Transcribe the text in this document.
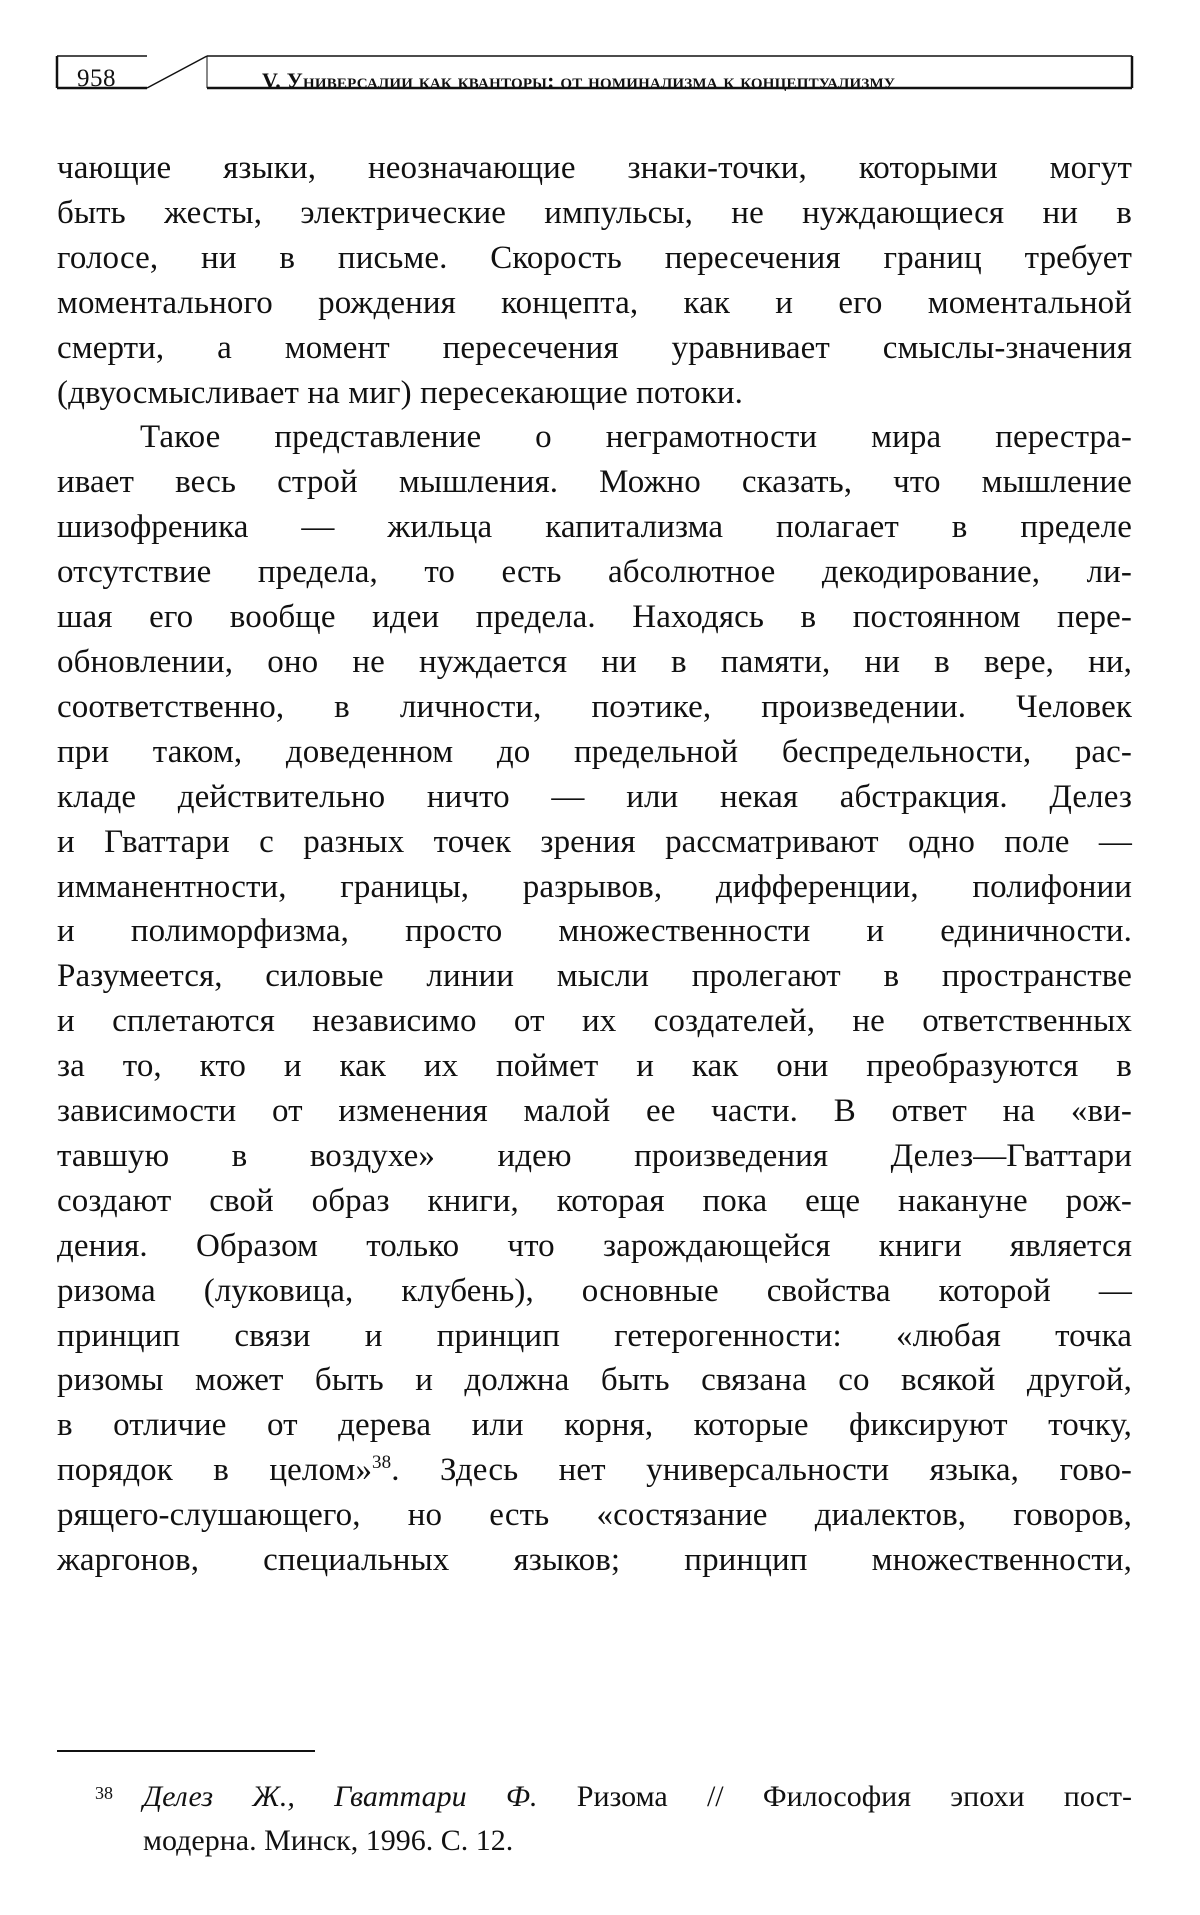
958	V. Универсалии как кванторы: от номинализма к концептуализму
чающие языки, неозначающие знаки-точки, которыми могут
быть жесты, электрические импульсы, не нуждающиеся ни в
голосе, ни в письме. Скорость пересечения границ требует
моментального рождения концепта, как и его моментальной
смерти, а момент пересечения уравнивает смыслы-значения
(двуосмысливает на миг) пересекающие потоки.
Такое представление о неграмотности мира перестра-
ивает весь строй мышления. Можно сказать, что мышление
шизофреника — жильца капитализма полагает в пределе
отсутствие предела, то есть абсолютное декодирование, ли-
шая его вообще идеи предела. Находясь в постоянном пере-
обновлении, оно не нуждается ни в памяти, ни в вере, ни,
соответственно, в личности, поэтике, произведении. Человек
при таком, доведенном до предельной беспредельности, рас-
кладе действительно ничто — или некая абстракция. Делез
и Гваттари с разных точек зрения рассматривают одно поле —
имманентности, границы, разрывов, дифференции, полифонии
и полиморфизма, просто множественности и единичности.
Разумеется, силовые линии мысли пролегают в пространстве
и сплетаются независимо от их создателей, не ответственных
за то, кто и как их поймет и как они преобразуются в
зависимости от изменения малой ее части. В ответ на «ви-
тавшую в воздухе» идею произведения Делез—Гваттари
создают свой образ книги, которая пока еще накануне рож-
дения. Образом только что зарождающейся книги является
ризома (луковица, клубень), основные свойства которой —
принцип связи и принцип гетерогенности: «любая точка
ризомы может быть и должна быть связана со всякой другой,
в отличие от дерева или корня, которые фиксируют точку,
порядок в целом»$^{38}$. Здесь нет универсальности языка, гово-
рящего-слушающего, но есть «состязание диалектов, говоров,
жаргонов, специальных языков; принцип множественности,
38	Делез Ж., Гваттари Ф. Ризома // Философия эпохи пост-
модерна. Минск, 1996. С. 12.
